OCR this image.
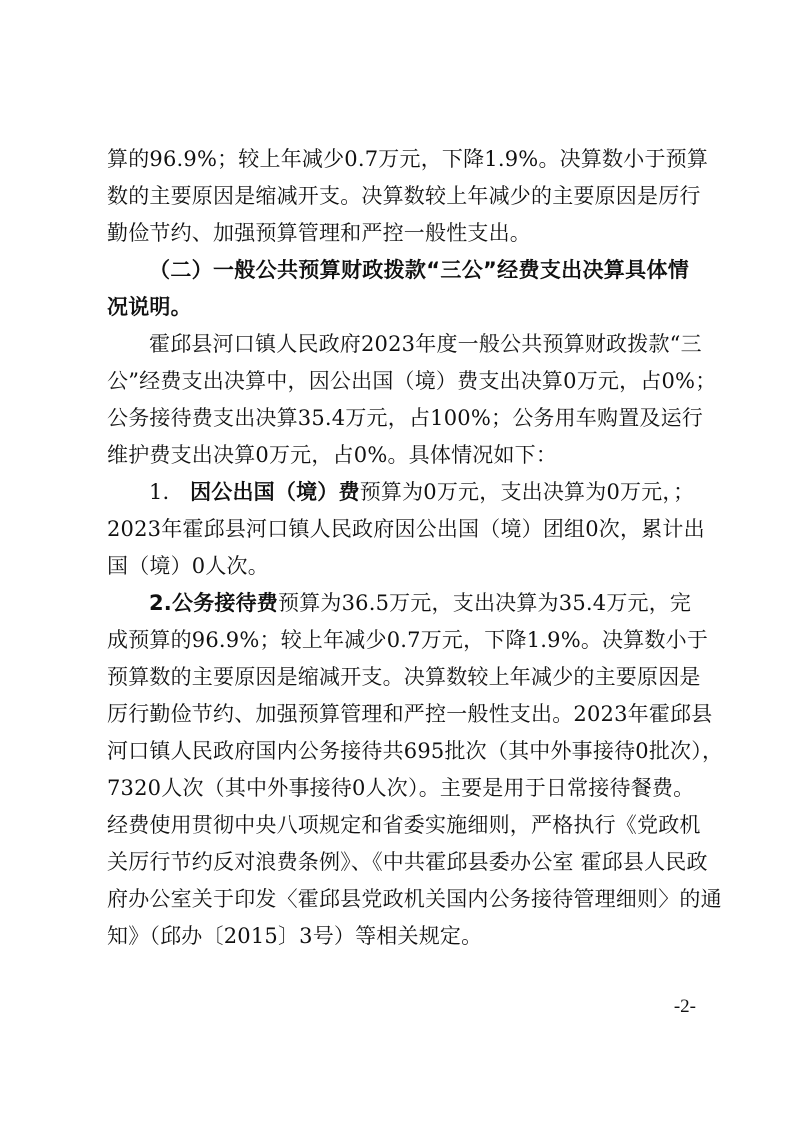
算的96.9%；较上年减少0.7万元，下降1.9%。决算数小于预算
数的主要原因是缩减开支。决算数较上年减少的主要原因是厉行
勤俭节约、加强预算管理和严控一般性支出。
（二）一般公共预算财政拨款“三公”经费支出决算具体情
况说明。
霍邱县河口镇人民政府2023年度一般公共预算财政拨款“三
公”经费支出决算中，因公出国（境）费支出决算0万元，占0%；
公务接待费支出决算35.4万元，占100%；公务用车购置及运行
维护费支出决算0万元，占0%。具体情况如下：
1. 因公出国（境）费预算为0万元，支出决算为0万元，；
2023年霍邱县河口镇人民政府因公出国（境）团组0次，累计出
国（境）0人次。
2.公务接待费预算为36.5万元，支出决算为35.4万元，完
成预算的96.9%；较上年减少0.7万元，下降1.9%。决算数小于
预算数的主要原因是缩减开支。决算数较上年减少的主要原因是
厉行勤俭节约、加强预算管理和严控一般性支出。2023年霍邱县
河口镇人民政府国内公务接待共695批次（其中外事接待0批次），
7320人次（其中外事接待0人次）。主要是用于日常接待餐费。
经费使用贯彻中央八项规定和省委实施细则，严格执行《党政机
关厉行节约反对浪费条例》、《中共霍邱县委办公室 霍邱县人民政
府办公室关于印发〈霍邱县党政机关国内公务接待管理细则〉的通
知》（邱办〔2015〕3号）等相关规定。
-2-
